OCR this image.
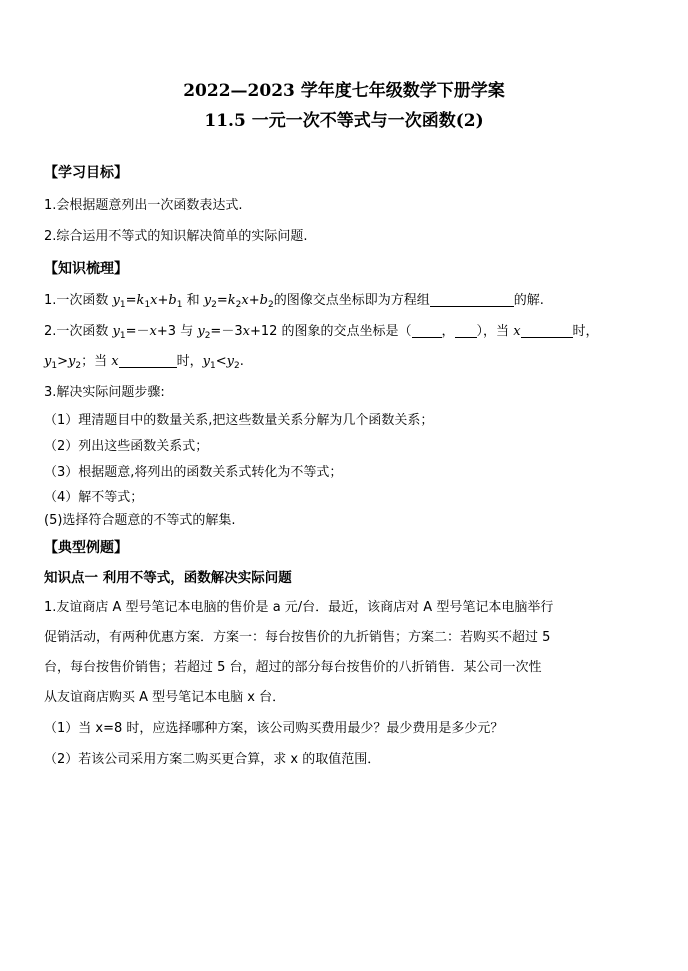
2022—2023 学年度七年级数学下册学案
11.5 一元一次不等式与一次函数(2)
【学习目标】
1.会根据题意列出一次函数表达式.
2.综合运用不等式的知识解决简单的实际问题.
【知识梳理】
1.一次函数 $y_1=k_1x+b_1$ 和 $y_2=k_2x+b_2$的图像交点坐标即为方程组	的解.
2.一次函数 $y_1=-x+3$ 与 $y_2=-3x+12$ 的图象的交点坐标是（ ， ），当 x	时，
$y_1>y_2$；当 x	时，$y_1<y_2$.
3.解决实际问题步骤:
（1）理清题目中的数量关系,把这些数量关系分解为几个函数关系；
（2）列出这些函数关系式；
（3）根据题意,将列出的函数关系式转化为不等式；
（4）解不等式；
(5)选择符合题意的不等式的解集.
【典型例题】
知识点一 利用不等式，函数解决实际问题
1.友谊商店 A 型号笔记本电脑的售价是 a 元/台．最近，该商店对 A 型号笔记本电脑举行
促销活动，有两种优惠方案．方案一：每台按售价的九折销售；方案二：若购买不超过 5
台，每台按售价销售；若超过 5 台，超过的部分每台按售价的八折销售．某公司一次性
从友谊商店购买 A 型号笔记本电脑 x 台．
（1）当 x=8 时，应选择哪种方案，该公司购买费用最少？最少费用是多少元？
（2）若该公司采用方案二购买更合算，求 x 的取值范围．
